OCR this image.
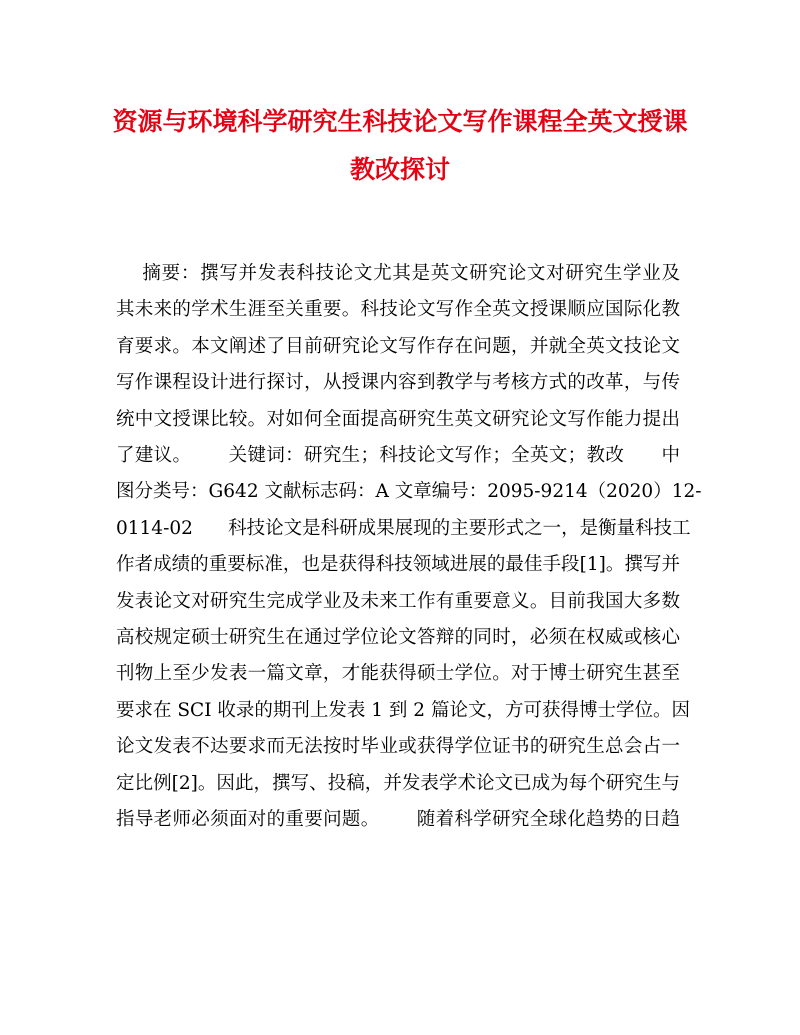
资源与环境科学研究生科技论文写作课程全英文授课
教改探讨
摘要：撰写并发表科技论文尤其是英文研究论文对研究生学业及
其未来的学术生涯至关重要。科技论文写作全英文授课顺应国际化教
育要求。本文阐述了目前研究论文写作存在问题，并就全英文技论文
写作课程设计进行探讨，从授课内容到教学与考核方式的改革，与传
统中文授课比较。对如何全面提高研究生英文研究论文写作能力提出
了建议。      关键词：研究生；科技论文写作；全英文；教改      中
图分类号：G642 文献标志码：A 文章编号：2095-9214（2020）12-
0114-02      科技论文是科研成果展现的主要形式之一，是衡量科技工
作者成绩的重要标准，也是获得科技领域进展的最佳手段[1]。撰写并
发表论文对研究生完成学业及未来工作有重要意义。目前我国大多数
高校规定硕士研究生在通过学位论文答辩的同时，必须在权威或核心
刊物上至少发表一篇文章，才能获得硕士学位。对于博士研究生甚至
要求在 SCI 收录的期刊上发表 1 到 2 篇论文，方可获得博士学位。因
论文发表不达要求而无法按时毕业或获得学位证书的研究生总会占一
定比例[2]。因此，撰写、投稿，并发表学术论文已成为每个研究生与
指导老师必须面对的重要问题。      随着科学研究全球化趋势的日趋
